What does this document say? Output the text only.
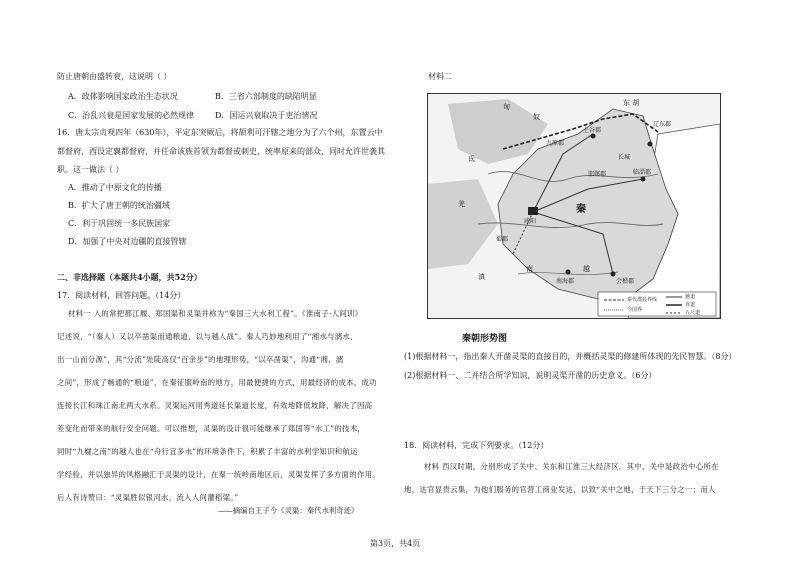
防止唐朝由盛转衰，这说明（ ）
A．政体影响国家政治生态状况	B．三省六部制度的缺陷明显
C．治乱兴衰是国家发展的必然规律	D．国运兴衰取决于吏治情况
16．唐太宗贞观四年（630年），平定东突厥后，将颉利可汗辖之地分为了六个州，东置云中
都督府，西设定襄都督府，并任命该族首领为都督或刺史，统率原来的部众，同时允许世袭其
职。这一做法（ ）
A．推动了中原文化的传播
B．扩大了唐王朝的统治疆域
C．利于巩固统一多民族国家
D．加强了中央对边疆的直接管辖
二、非选择题（本题共4小题，共52分）
17．阅读材料，回答问题。（14分）
材料一 入的常把都江堰、郑国渠和灵渠并称为“秦国三大水利工程”。《淮南子·人间训》
记述说，“（秦人）又以卒凿渠而通粮道，以与越人战”。秦人巧妙地利用了“湘水与漓水，
出一山而分源”，其“分流”处陡高仅“百余步”的地理形势，“以卒凿渠”，沟通“湘、漓
之间”，形成了畅通的“粮道”，在秦征服岭南的地方，用最便捷的方式，用最经济的成本，成功
连接长江和珠江南北两大水系。灵渠运河用秀道延长渠道长度，有效地降低坡降，解决了因高
差变化而带来的航行安全问题。可以推想，灵渠的设计很可能继承了郑国等“水工”的技术，
同时“九嶷之南”的越人也在“舟行宜多水”的环境条件下，积累了丰富的水利学知识和航运
学经验，并以独异的风格融汇于灵渠的设计，在秦一统岭南地区后，灵渠发挥了多方面的作用。
后人有诗赞曰：“灵渠胜似银河水，流入人间灌稻粱。”
——摘编自王子今《灵渠：秦代水利奇迹》
材料二
匈
奴
东 胡
上谷郡
辽东郡
九原郡
氐
羌
咸阳
秦
临淄郡
邯郸郡
蜀郡
南海郡	会稽郡
南	越
滇
长城
秦代郡县界线
今国界
驰道
直道
五尺道
秦朝形势图
(1)根据材料一，指出秦人开凿灵渠的直接目的，并概括灵渠的修建所体现的先民智慧。（8分）
(2)根据材料一、二并结合所学知识，说明灵渠开凿的历史意义。（6分）
18．阅读材料，完成下列要求。（12分）
材料 西汉时期，分别形成了关中、关东和江淮三大经济区。其中，关中是政治中心所在
地，达官显贵云集，为他们服务的官营工商业发达，以致“关中之地，于天下三分之一；而人
第3页，共4页
